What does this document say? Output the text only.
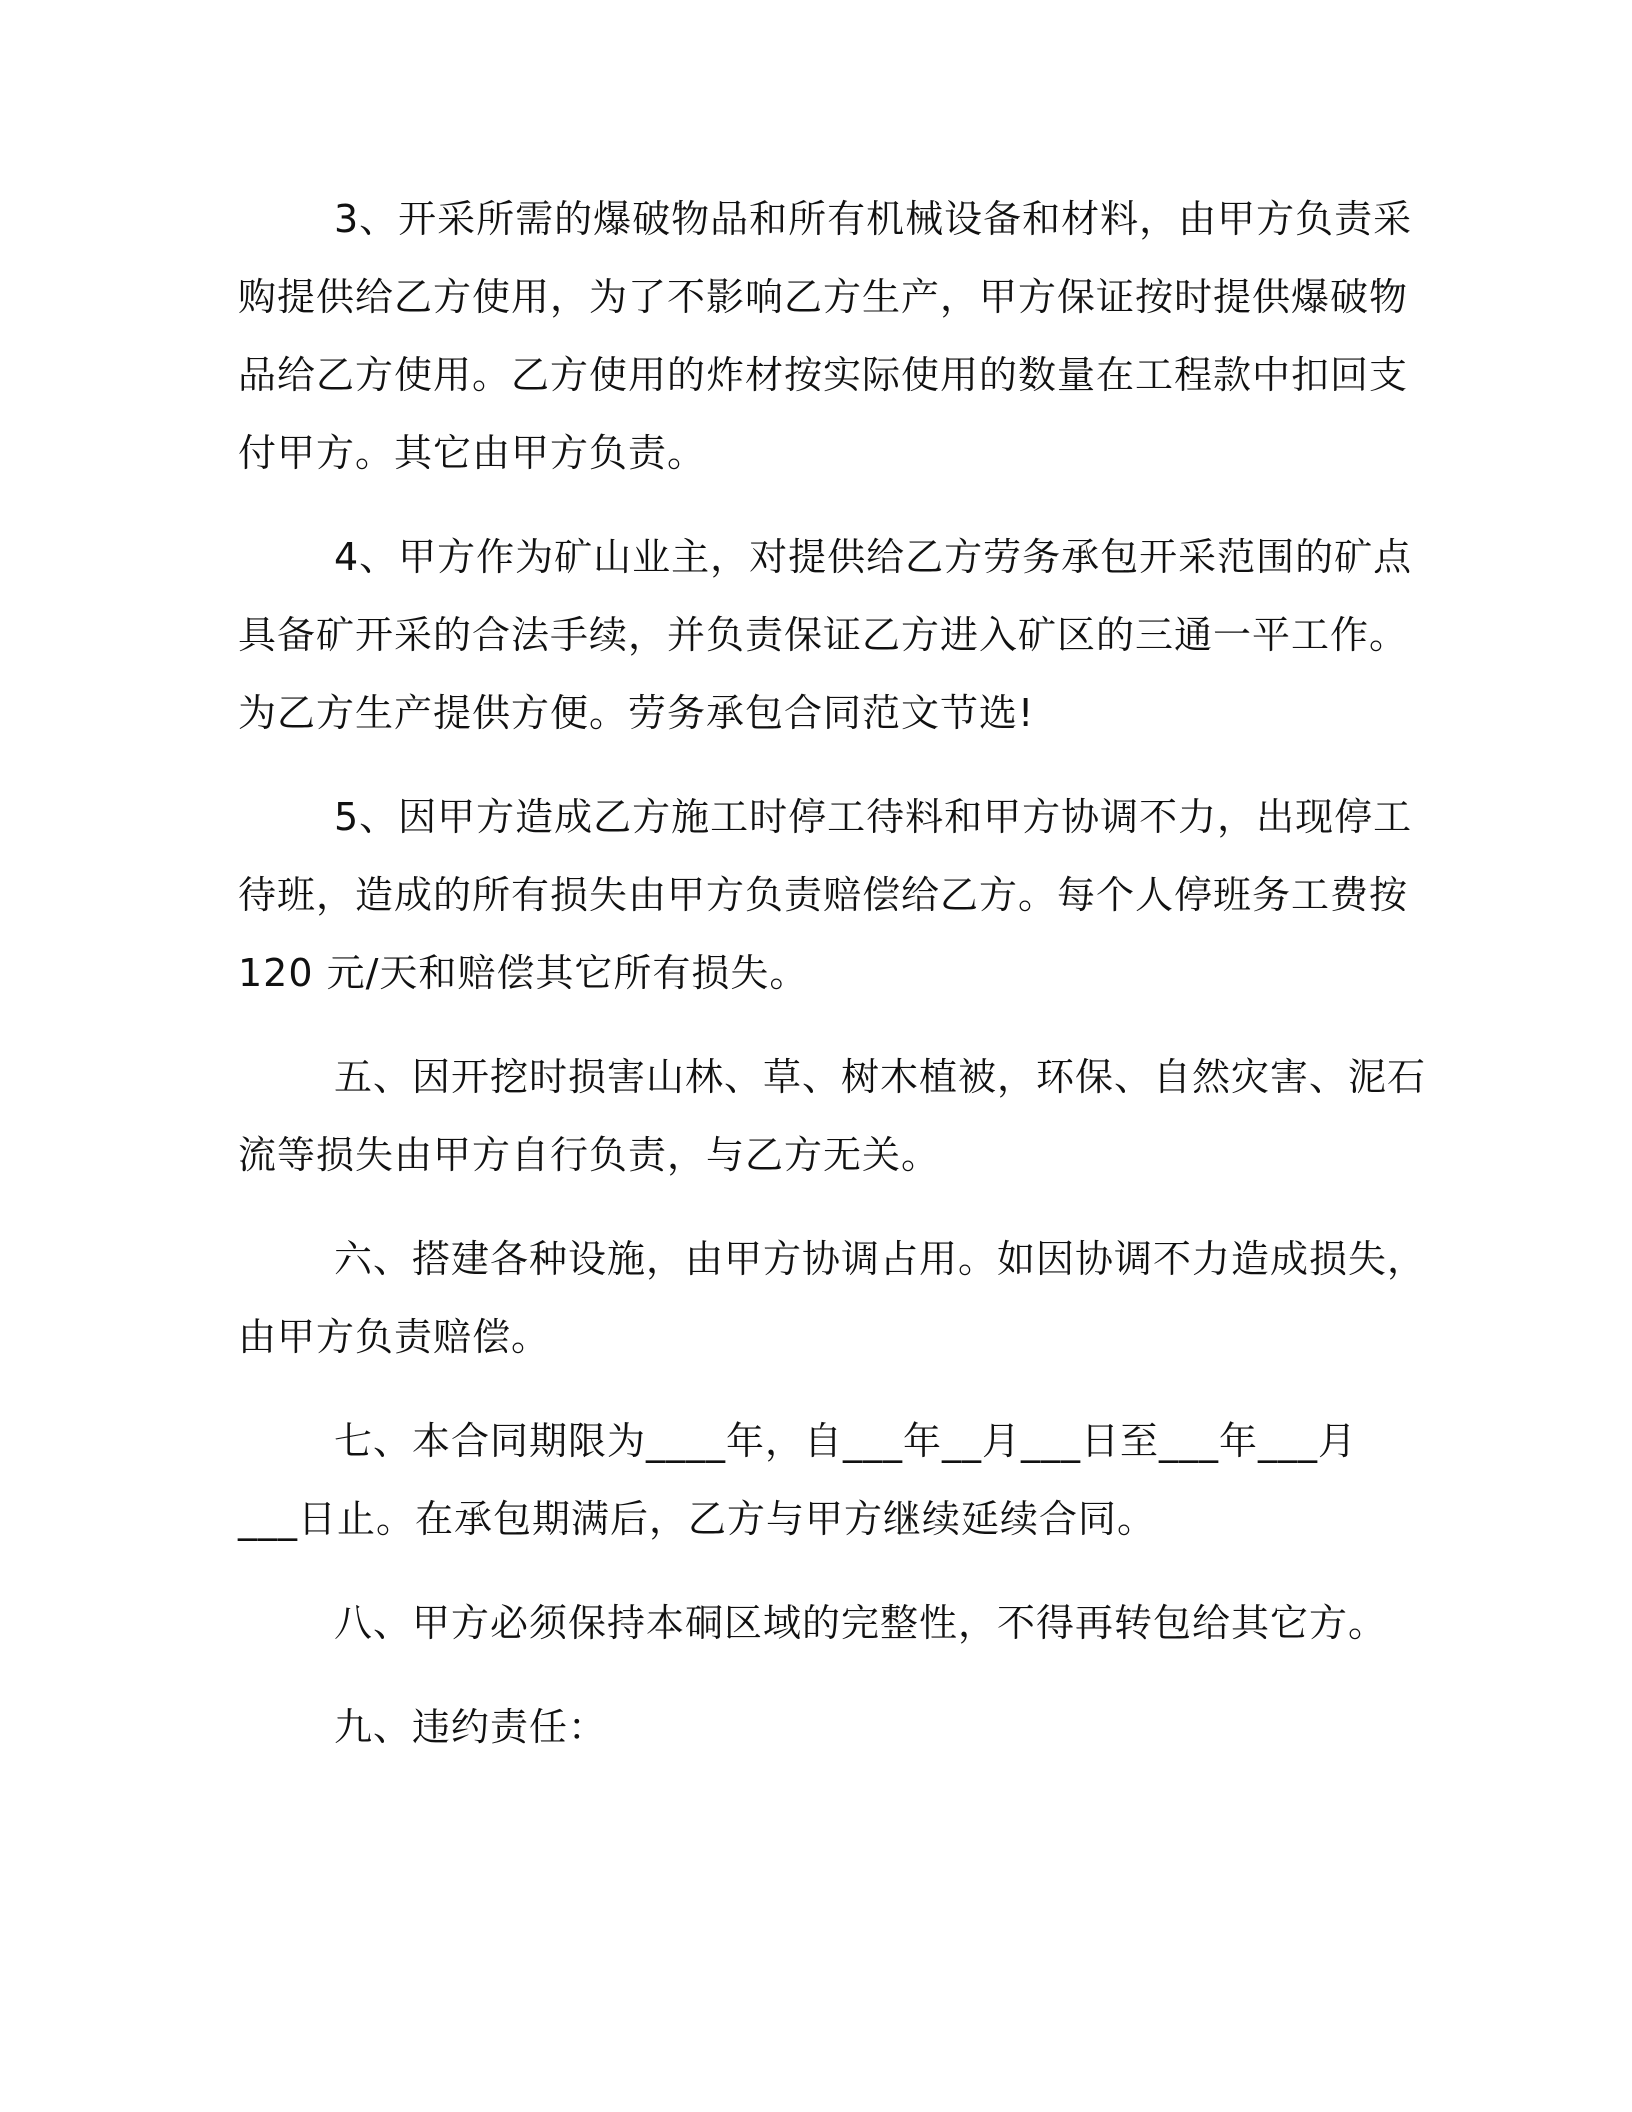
3、开采所需的爆破物品和所有机械设备和材料，由甲方负责采
购提供给乙方使用，为了不影响乙方生产，甲方保证按时提供爆破物
品给乙方使用。乙方使用的炸材按实际使用的数量在工程款中扣回支
付甲方。其它由甲方负责。
4、甲方作为矿山业主，对提供给乙方劳务承包开采范围的矿点
具备矿开采的合法手续，并负责保证乙方进入矿区的三通一平工作。
为乙方生产提供方便。劳务承包合同范文节选!
5、因甲方造成乙方施工时停工待料和甲方协调不力，出现停工
待班，造成的所有损失由甲方负责赔偿给乙方。每个人停班务工费按
120 元/天和赔偿其它所有损失。
五、因开挖时损害山林、草、树木植被，环保、自然灾害、泥石
流等损失由甲方自行负责，与乙方无关。
六、搭建各种设施，由甲方协调占用。如因协调不力造成损失，
由甲方负责赔偿。
七、本合同期限为____年，自___年__月___日至___年___月
___日止。在承包期满后，乙方与甲方继续延续合同。
八、甲方必须保持本硐区域的完整性，不得再转包给其它方。
九、违约责任：
